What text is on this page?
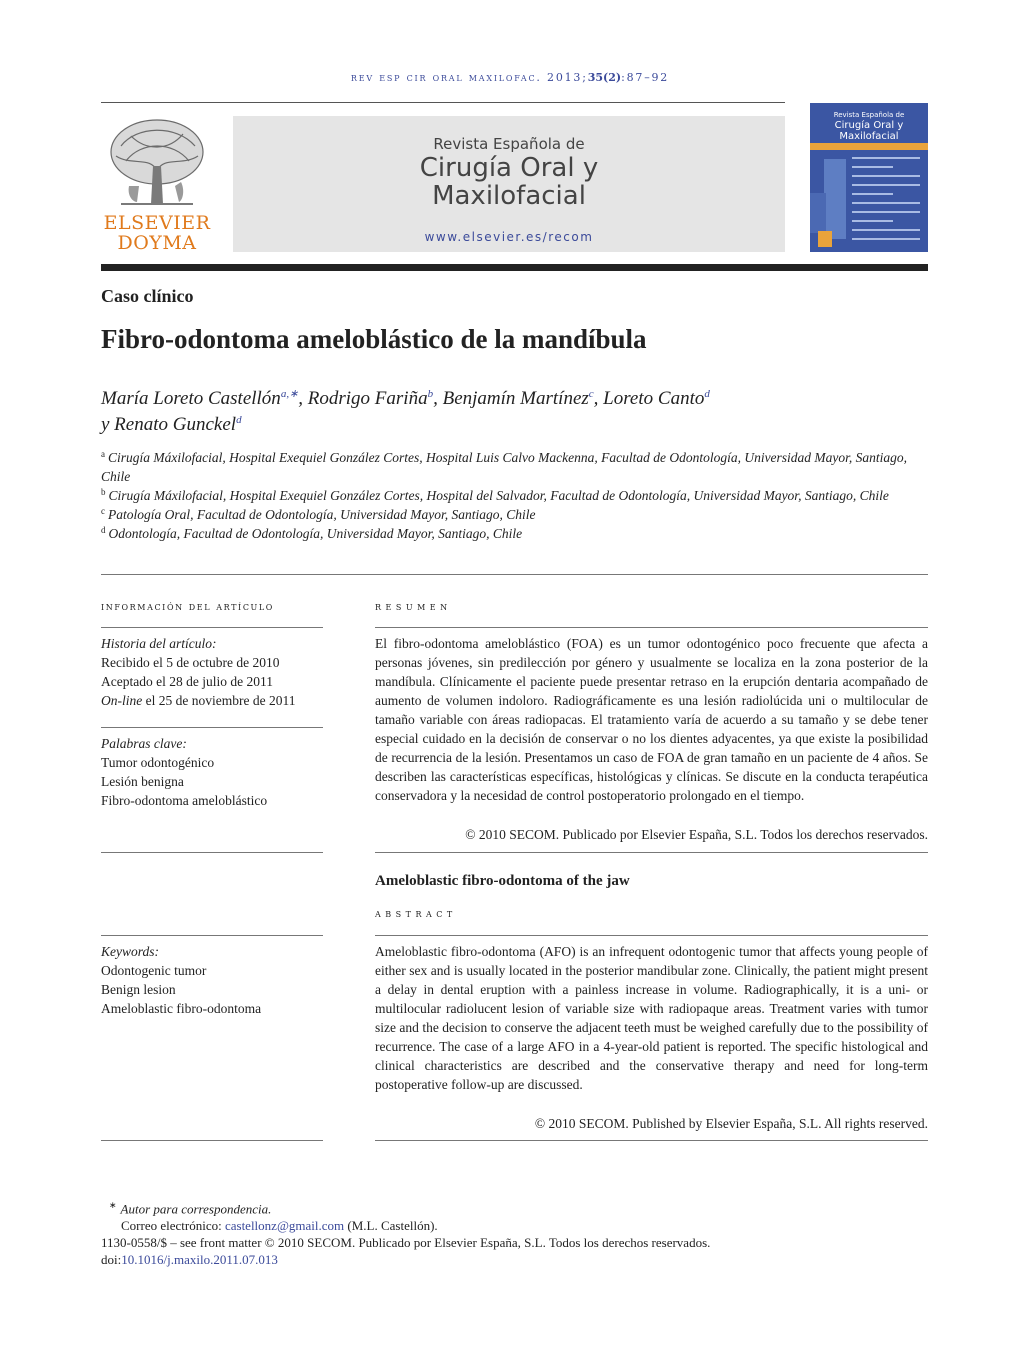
rev esp cir oral maxilofac. 2013;35(2):87–92
ELSEVIER
DOYMA
Revista Española de
Cirugía Oral y
Maxilofacial
www.elsevier.es/recom
Revista Española de
Cirugía Oral y
Maxilofacial
Caso clínico
Fibro-odontoma ameloblástico de la mandíbula
María Loreto Castellón$^{a,∗}$, Rodrigo Fariña$^b$, Benjamín Martínez$^c$, Loreto Canto$^d$
y Renato Gunckel$^d$
$^a$ Cirugía Máxilofacial, Hospital Exequiel González Cortes, Hospital Luis Calvo Mackenna, Facultad de Odontología, Universidad Mayor, Santiago, Chile
$^b$ Cirugía Máxilofacial, Hospital Exequiel González Cortes, Hospital del Salvador, Facultad de Odontología, Universidad Mayor, Santiago, Chile
$^c$ Patología Oral, Facultad de Odontología, Universidad Mayor, Santiago, Chile
$^d$ Odontología, Facultad de Odontología, Universidad Mayor, Santiago, Chile
información del artículo
Historia del artículo:
Recibido el 5 de octubre de 2010
Aceptado el 28 de julio de 2011
On-line el 25 de noviembre de 2011
Palabras clave:
Tumor odontogénico
Lesión benigna
Fibro-odontoma ameloblástico
Keywords:
Odontogenic tumor
Benign lesion
Ameloblastic fibro-odontoma
resumen
El fibro-odontoma ameloblástico (FOA) es un tumor odontogénico poco frecuente que afecta a personas jóvenes, sin predilección por género y usualmente se localiza en la zona posterior de la mandíbula. Clínicamente el paciente puede presentar retraso en la erupción dentaria acompañado de aumento de volumen indoloro. Radiográficamente es una lesión radiolúcida uni o multilocular de tamaño variable con áreas radiopacas. El tratamiento varía de acuerdo a su tamaño y se debe tener especial cuidado en la decisión de conservar o no los dientes adyacentes, ya que existe la posibilidad de recurrencia de la lesión. Presentamos un caso de FOA de gran tamaño en un paciente de 4 años. Se describen las características específicas, histológicas y clínicas. Se discute en la conducta terapéutica conservadora y la necesidad de control postoperatorio prolongado en el tiempo.
© 2010 SECOM. Publicado por Elsevier España, S.L. Todos los derechos reservados.
Ameloblastic fibro-odontoma of the jaw
abstract
Ameloblastic fibro-odontoma (AFO) is an infrequent odontogenic tumor that affects young people of either sex and is usually located in the posterior mandibular zone. Clinically, the patient might present a delay in dental eruption with a painless increase in volume. Radiographically, it is a uni- or multilocular radiolucent lesion of variable size with radiopaque areas. Treatment varies with tumor size and the decision to conserve the adjacent teeth must be weighed carefully due to the possibility of recurrence. The case of a large AFO in a 4-year-old patient is reported. The specific histological and clinical characteristics are described and the conservative therapy and need for long-term postoperative follow-up are discussed.
© 2010 SECOM. Published by Elsevier España, S.L. All rights reserved.
∗ Autor para correspondencia.
Correo electrónico: castellonz@gmail.com (M.L. Castellón).
1130-0558/$ – see front matter © 2010 SECOM. Publicado por Elsevier España, S.L. Todos los derechos reservados.
doi:10.1016/j.maxilo.2011.07.013
